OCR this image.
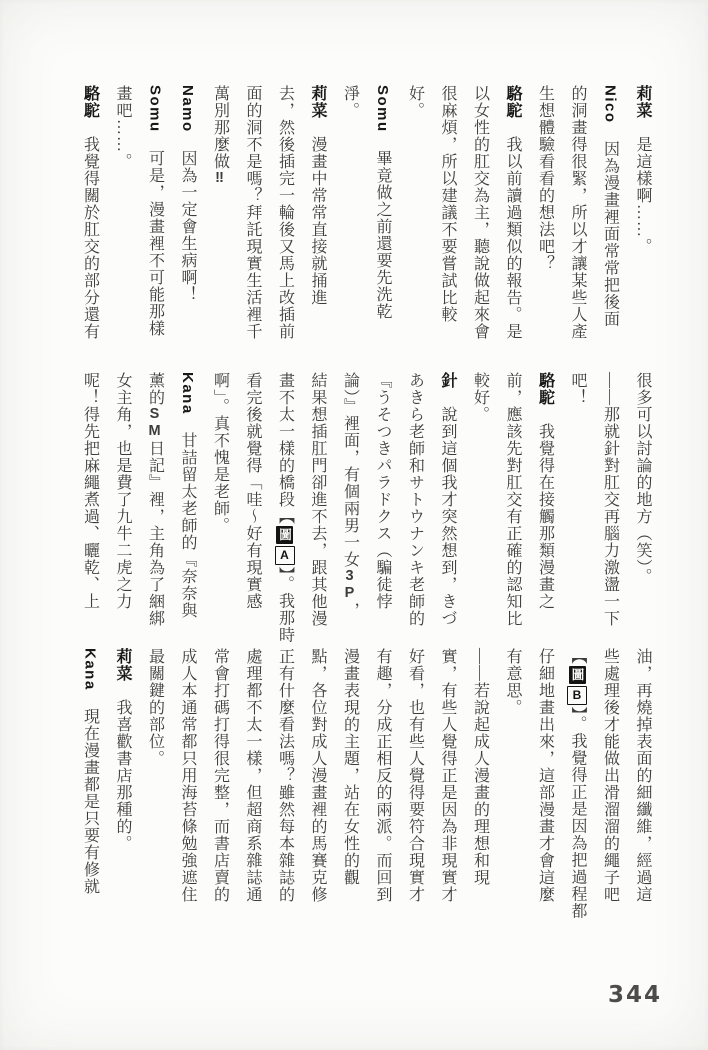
莉菜　是這樣啊……。
Nico　因為漫畫裡面常常把後面
的洞畫得很緊，所以才讓某些人產
生想體驗看看的想法吧？
駱駝　我以前讀過類似的報告。是
以女性的肛交為主，聽說做起來會
很麻煩，所以建議不要嘗試比較
好。
Somu　畢竟做之前還要先洗乾
淨。
莉菜　漫畫中常常直接就捅進
去，然後插完一輪後又馬上改插前
面的洞不是嗎？拜託現實生活裡千
萬別那麼做‼
Namo　因為一定會生病啊！
Somu　可是，漫畫裡不可能那樣
畫吧……。
駱駝　我覺得關於肛交的部分還有
很多可以討論的地方（笑）。
——那就針對肛交再腦力激盪一下
吧！
駱駝　我覺得在接觸那類漫畫之
前，應該先對肛交有正確的認知比
較好。
針　說到這個我才突然想到，きづ
あきら老師和サトウナンキ老師的
『うそつきパラドクス（騙徒悖
論）』裡面，有個兩男一女3P，
結果想插肛門卻進不去，跟其他漫
畫不太一樣的橋段【圖A】。我那時
看完後就覺得「哇～好有現實感
啊」。真不愧是老師。
Kana　甘詰留太老師的『奈奈與
薰的SM日記』裡，主角為了綑綁
女主角，也是費了九牛二虎之力
呢！得先把麻繩煮過、曬乾、上
油，再燒掉表面的細纖維，經過這
些處理後才能做出滑溜溜的繩子吧
【圖B】。我覺得正是因為把過程都
仔細地畫出來，這部漫畫才會這麼
有意思。
——若說起成人漫畫的理想和現
實，有些人覺得正是因為非現實才
好看，也有些人覺得要符合現實才
有趣，分成正相反的兩派。而回到
漫畫表現的主題，站在女性的觀
點，各位對成人漫畫裡的馬賽克修
正有什麼看法嗎？雖然每本雜誌的
處理都不太一樣，但超商系雜誌通
常會打碼打得很完整，而書店賣的
成人本通常都只用海苔條勉強遮住
最關鍵的部位。
莉菜　我喜歡書店那種的。
Kana　現在漫畫都是只要有修就
344
